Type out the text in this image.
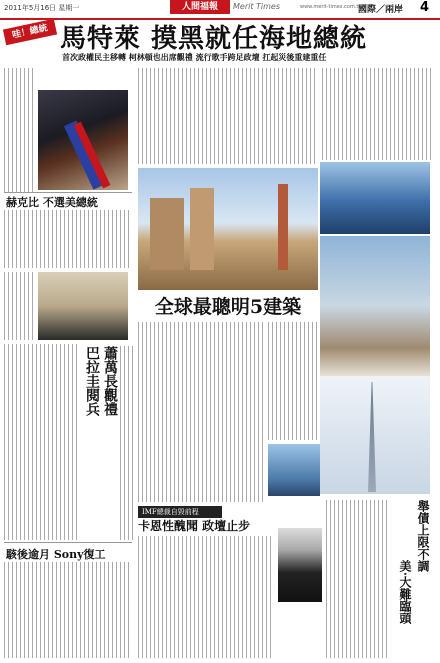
2011年5月16日 星期一	人間福報	Merit Times	www.merit-times.com.tw
國際／兩岸 4
哇！總統 馬特萊 摸黑就任海地總統
首次政權民主移轉 柯林頓也出席觀禮 流行歌手跨足政壇 扛起災後重建重任
赫克比 不選美總統
巴拉圭閱兵 蕭萬長觀禮
駭後逾月 Sony復工
全球最聰明5建築
IMF總裁自毀前程
卡恩性醜聞 政壇止步	舉債上限不調
美‧大難臨頭
